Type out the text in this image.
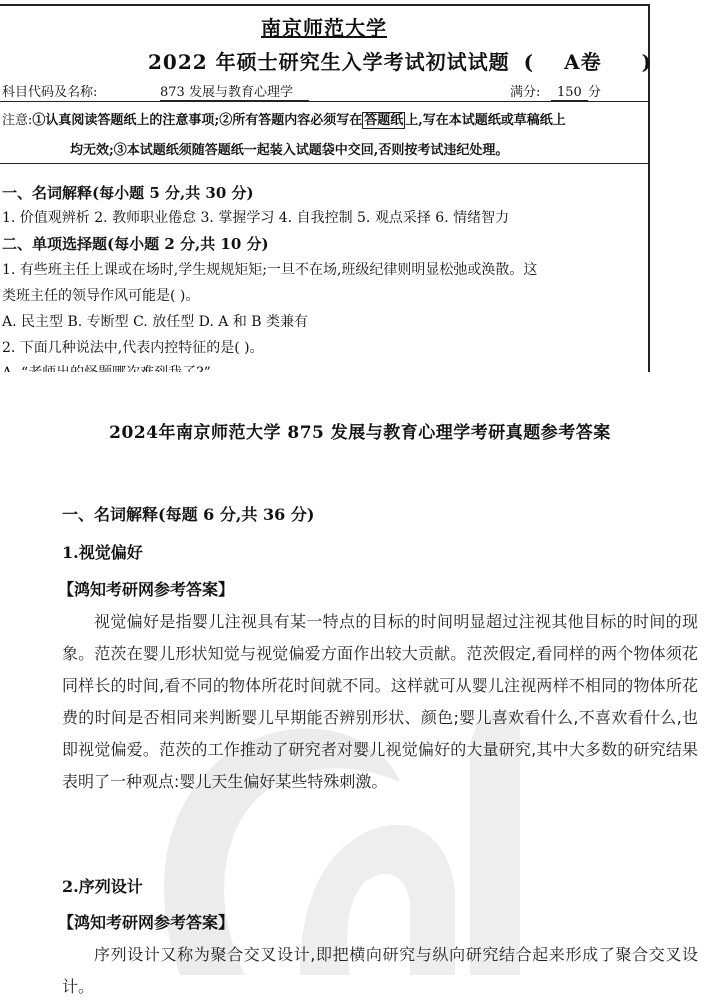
南京师范大学
2022 年硕士研究生入学考试初试试题 ( A卷 )
科目代码及名称:	873 发展与教育心理学	满分:	150 分
注意:①认真阅读答题纸上的注意事项;②所有答题内容必须写在 答题纸 上,写在本试题纸或草稿纸上
均无效;③本试题纸须随答题纸一起装入试题袋中交回,否则按考试违纪处理。
一、名词解释(每小题 5 分,共 30 分)
1. 价值观辨析 2. 教师职业倦怠 3. 掌握学习 4. 自我控制 5. 观点采择 6. 情绪智力
二、单项选择题(每小题 2 分,共 10 分)
1. 有些班主任上课或在场时,学生规规矩矩;一旦不在场,班级纪律则明显松弛或涣散。这
类班主任的领导作风可能是( )。
A. 民主型 B. 专断型 C. 放任型 D. A 和 B 类兼有
2. 下面几种说法中,代表内控特征的是( )。
2024年南京师范大学 875 发展与教育心理学考研真题参考答案
一、名词解释(每题 6 分,共 36 分)
1.视觉偏好
【鸿知考研网参考答案】

视觉偏好是指婴儿注视具有某一特点的目标的时间明显超过注视其他目标的时间的现象。范茨在婴儿形状知觉与视觉偏爱方面作出较大贡献。范茨假定,看同样的两个物体须花同样长的时间,看不同的物体所花时间就不同。这样就可从婴儿注视两样不相同的物体所花费的时间是否相同来判断婴儿早期能否辨别形状、颜色;婴儿喜欢看什么,不喜欢看什么,也即视觉偏爱。范茨的工作推动了研究者对婴儿视觉偏好的大量研究,其中大多数的研究结果表明了一种观点:婴儿天生偏好某些特殊刺激。

2.序列设计
【鸿知考研网参考答案】

序列设计又称为聚合交叉设计,即把横向研究与纵向研究结合起来形成了聚合交叉设计。
